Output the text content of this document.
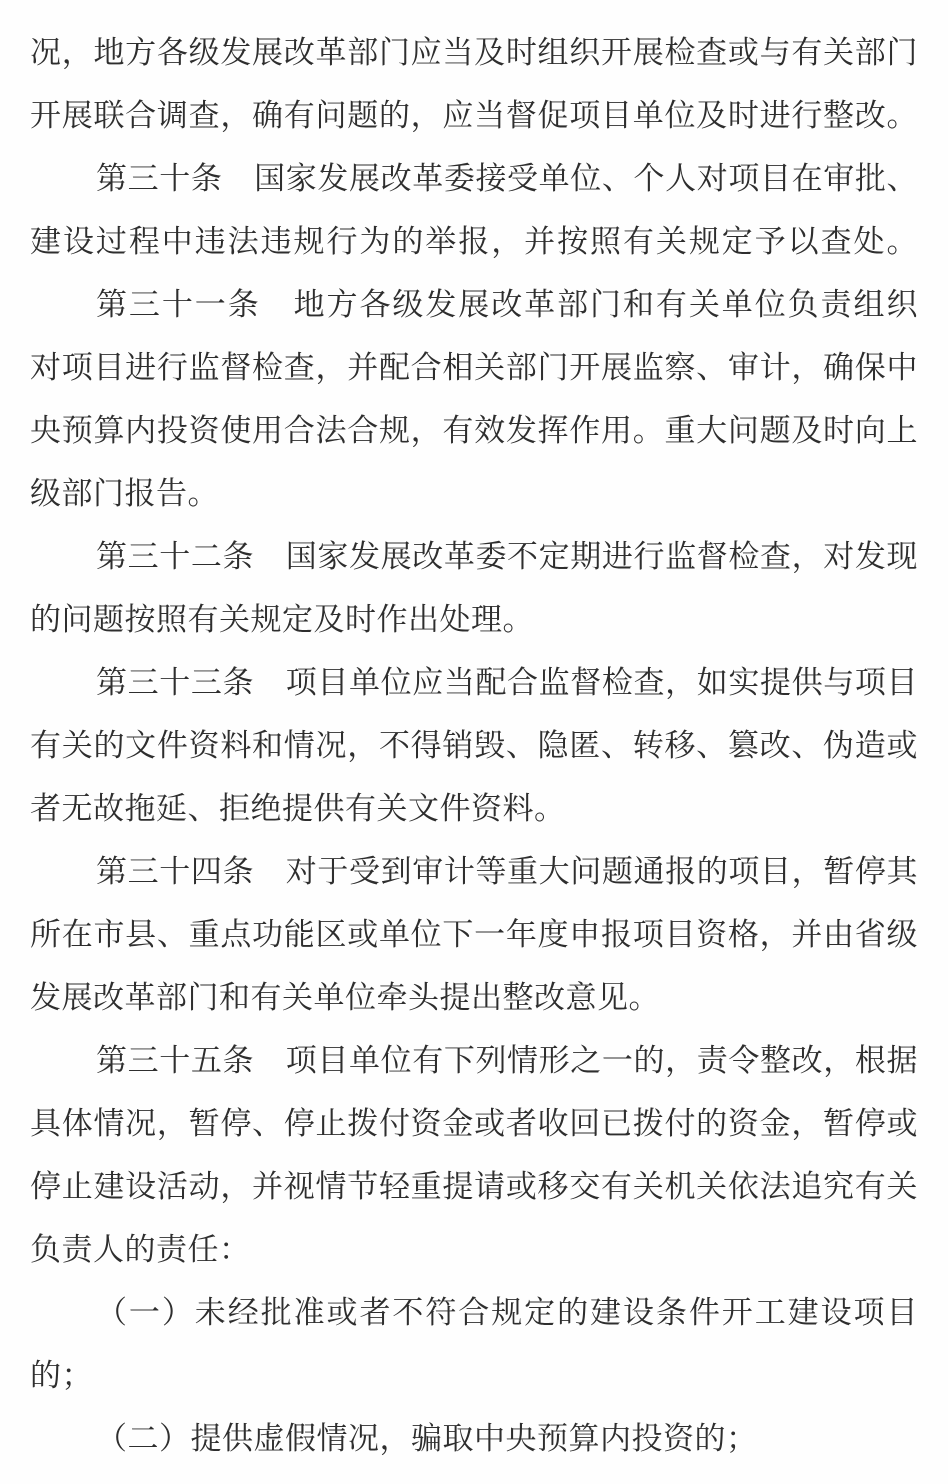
况，地方各级发展改革部门应当及时组织开展检查或与有关部门
开展联合调查，确有问题的，应当督促项目单位及时进行整改。
第三十条　国家发展改革委接受单位、个人对项目在审批、
建设过程中违法违规行为的举报，并按照有关规定予以查处。
第三十一条　地方各级发展改革部门和有关单位负责组织
对项目进行监督检查，并配合相关部门开展监察、审计，确保中
央预算内投资使用合法合规，有效发挥作用。重大问题及时向上
级部门报告。
第三十二条　国家发展改革委不定期进行监督检查，对发现
的问题按照有关规定及时作出处理。
第三十三条　项目单位应当配合监督检查，如实提供与项目
有关的文件资料和情况，不得销毁、隐匿、转移、篡改、伪造或
者无故拖延、拒绝提供有关文件资料。
第三十四条　对于受到审计等重大问题通报的项目，暂停其
所在市县、重点功能区或单位下一年度申报项目资格，并由省级
发展改革部门和有关单位牵头提出整改意见。
第三十五条　项目单位有下列情形之一的，责令整改，根据
具体情况，暂停、停止拨付资金或者收回已拨付的资金，暂停或
停止建设活动，并视情节轻重提请或移交有关机关依法追究有关
负责人的责任：
（一）未经批准或者不符合规定的建设条件开工建设项目
的；
（二）提供虚假情况，骗取中央预算内投资的；
